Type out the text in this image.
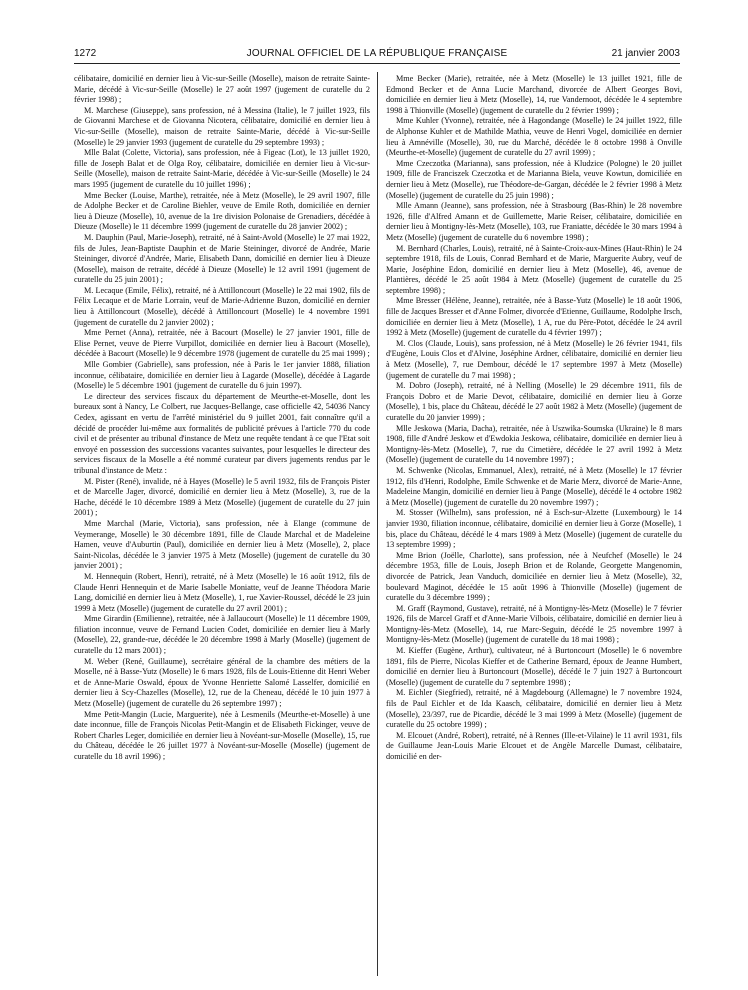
1272	JOURNAL OFFICIEL DE LA RÉPUBLIQUE FRANÇAISE	21 janvier 2003

célibataire, domicilié en dernier lieu à Vic-sur-Seille (Moselle), maison de retraite Sainte-Marie, décédé à Vic-sur-Seille (Moselle) le 27 août 1997 (jugement de curatelle du 2 février 1998) ;

M. Marchese (Giuseppe), sans profession, né à Messina (Italie), le 7 juillet 1923, fils de Giovanni Marchese et de Giovanna Nicotera, célibataire, domicilié en dernier lieu à Vic-sur-Seille (Moselle), maison de retraite Sainte-Marie, décédé à Vic-sur-Seille (Moselle) le 29 janvier 1993 (jugement de curatelle du 29 septembre 1993) ;

Mlle Balat (Colette, Victoria), sans profession, née à Figeac (Lot), le 13 juillet 1920, fille de Joseph Balat et de Olga Roy, célibataire, domiciliée en dernier lieu à Vic-sur-Seille (Moselle), maison de retraite Saint-Marie, décédée à Vic-sur-Seille (Moselle) le 24 mars 1995 (jugement de curatelle du 10 juillet 1996) ;

Mme Becker (Louise, Marthe), retraitée, née à Metz (Moselle), le 29 avril 1907, fille de Adolphe Becker et de Caroline Biehler, veuve de Emile Roth, domiciliée en dernier lieu à Dieuze (Moselle), 10, avenue de la 1re division Polonaise de Grenadiers, décédée à Dieuze (Moselle) le 11 décembre 1999 (jugement de curatelle du 28 janvier 2002) ;

M. Dauphin (Paul, Marie-Joseph), retraité, né à Saint-Avold (Moselle) le 27 mai 1922, fils de Jules, Jean-Baptiste Dauphin et de Marie Steininger, divorcé de Andrée, Marie Steininger, divorcé d'Andrée, Marie, Elisabeth Dann, domicilié en dernier lieu à Dieuze (Moselle), maison de retraite, décédé à Dieuze (Moselle) le 12 avril 1991 (jugement de curatelle du 25 juin 2001) ;

M. Lecaque (Emile, Félix), retraité, né à Attilloncourt (Moselle) le 22 mai 1902, fils de Félix Lecaque et de Marie Lorrain, veuf de Marie-Adrienne Buzon, domicilié en dernier lieu à Attilloncourt (Moselle), décédé à Attilloncourt (Moselle) le 4 novembre 1991 (jugement de curatelle du 2 janvier 2002) ;

Mme Pernet (Anna), retraitée, née à Bacourt (Moselle) le 27 janvier 1901, fille de Elise Pernet, veuve de Pierre Vurpillot, domiciliée en dernier lieu à Bacourt (Moselle), décédée à Bacourt (Moselle) le 9 décembre 1978 (jugement de curatelle du 25 mai 1999) ;

Mlle Gombier (Gabrielle), sans profession, née à Paris le 1er janvier 1888, filiation inconnue, célibataire, domiciliée en dernier lieu à Lagarde (Moselle), décédée à Lagarde (Moselle) le 5 décembre 1901 (jugement de curatelle du 6 juin 1997).

Le directeur des services fiscaux du département de Meurthe-et-Moselle, dont les bureaux sont à Nancy, Le Colbert, rue Jacques-Bellange, case officielle 42, 54036 Nancy Cedex, agissant en vertu de l'arrêté ministériel du 9 juillet 2001, fait connaître qu'il a décidé de procéder lui-même aux formalités de publicité prévues à l'article 770 du code civil et de présenter au tribunal d'instance de Metz une requête tendant à ce que l'Etat soit envoyé en possession des successions vacantes suivantes, pour lesquelles le directeur des services fiscaux de la Moselle a été nommé curateur par divers jugements rendus par le tribunal d'instance de Metz :

M. Pister (René), invalide, né à Hayes (Moselle) le 5 avril 1932, fils de François Pister et de Marcelle Jager, divorcé, domicilié en dernier lieu à Metz (Moselle), 3, rue de la Hache, décédé le 10 décembre 1989 à Metz (Moselle) (jugement de curatelle du 27 juin 2001) ;

Mme Marchal (Marie, Victoria), sans profession, née à Elange (commune de Veymerange, Moselle) le 30 décembre 1891, fille de Claude Marchal et de Madeleine Hamen, veuve d'Auburtin (Paul), domiciliée en dernier lieu à Metz (Moselle), 2, place Saint-Nicolas, décédée le 3 janvier 1975 à Metz (Moselle) (jugement de curatelle du 30 janvier 2001) ;

M. Hennequin (Robert, Henri), retraité, né à Metz (Moselle) le 16 août 1912, fils de Claude Henri Hennequin et de Marie Isabelle Moniatte, veuf de Jeanne Théodora Marie Lang, domicilié en dernier lieu à Metz (Moselle), 1, rue Xavier-Roussel, décédé le 23 juin 1999 à Metz (Moselle) (jugement de curatelle du 27 avril 2001) ;

Mme Girardin (Emilienne), retraitée, née à Jallaucourt (Moselle) le 11 décembre 1909, filiation inconnue, veuve de Fernand Lucien Codet, domiciliée en dernier lieu à Marly (Moselle), 22, grande-rue, décédée le 20 décembre 1998 à Marly (Moselle) (jugement de curatelle du 12 mars 2001) ;

M. Weber (René, Guillaume), secrétaire général de la chambre des métiers de la Moselle, né à Basse-Yutz (Moselle) le 6 mars 1928, fils de Louis-Etienne dit Henri Weber et de Anne-Marie Oswald, époux de Yvonne Henriette Salomé Lasselfer, domicilié en dernier lieu à Scy-Chazelles (Moselle), 12, rue de la Cheneau, décédé le 10 juin 1977 à Metz (Moselle) (jugement de curatelle du 26 septembre 1997) ;

Mme Petit-Mangin (Lucie, Marguerite), née à Lesmenils (Meurthe-et-Moselle) à une date inconnue, fille de François Nicolas Petit-Mangin et de Elisabeth Fickinger, veuve de Robert Charles Leger, domiciliée en dernier lieu à Novéant-sur-Moselle (Moselle), 15, rue du Château, décédée le 26 juillet 1977 à Novéant-sur-Moselle (Moselle) (jugement de curatelle du 18 avril 1996) ;

Mme Becker (Marie), retraitée, née à Metz (Moselle) le 13 juillet 1921, fille de Edmond Becker et de Anna Lucie Marchand, divorcée de Albert Georges Bovi, domiciliée en dernier lieu à Metz (Moselle), 14, rue Vandernoot, décédée le 4 septembre 1998 à Thionville (Moselle) (jugement de curatelle du 2 février 1999) ;

Mme Kuhler (Yvonne), retraitée, née à Hagondange (Moselle) le 24 juillet 1922, fille de Alphonse Kuhler et de Mathilde Mathia, veuve de Henri Vogel, domiciliée en dernier lieu à Amnéville (Moselle), 30, rue du Marché, décédée le 8 octobre 1998 à Onville (Meurthe-et-Moselle) (jugement de curatelle du 27 avril 1999) ;

Mme Czeczotka (Marianna), sans profession, née à Kludzice (Pologne) le 20 juillet 1909, fille de Franciszek Czeczotka et de Marianna Biela, veuve Kowtun, domiciliée en dernier lieu à Metz (Moselle), rue Théodore-de-Gargan, décédée le 2 février 1998 à Metz (Moselle) (jugement de curatelle du 25 juin 1998) ;

Mlle Amann (Jeanne), sans profession, née à Strasbourg (Bas-Rhin) le 28 novembre 1926, fille d'Alfred Amann et de Guillemette, Marie Reiser, célibataire, domiciliée en dernier lieu à Montigny-lès-Metz (Moselle), 103, rue Franiatte, décédée le 30 mars 1994 à Metz (Moselle) (jugement de curatelle du 6 novembre 1998) ;

M. Bernhard (Charles, Louis), retraité, né à Sainte-Croix-aux-Mines (Haut-Rhin) le 24 septembre 1918, fils de Louis, Conrad Bernhard et de Marie, Marguerite Aubry, veuf de Marie, Joséphine Edon, domicilié en dernier lieu à Metz (Moselle), 46, avenue de Plantières, décédé le 25 août 1984 à Metz (Moselle) (jugement de curatelle du 25 septembre 1998) ;

Mme Bresser (Hélène, Jeanne), retraitée, née à Basse-Yutz (Moselle) le 18 août 1906, fille de Jacques Bresser et d'Anne Folmer, divorcée d'Etienne, Guillaume, Rodolphe Irsch, domiciliée en dernier lieu à Metz (Moselle), 1 A, rue du Père-Potot, décédée le 24 avril 1992 à Metz (Moselle) (jugement de curatelle du 4 février 1997) ;

M. Clos (Claude, Louis), sans profession, né à Metz (Moselle) le 26 février 1941, fils d'Eugène, Louis Clos et d'Alvine, Joséphine Ardner, célibataire, domicilié en dernier lieu à Metz (Moselle), 7, rue Dembour, décédé le 17 septembre 1997 à Metz (Moselle) (jugement de curatelle du 7 mai 1998) ;

M. Dobro (Joseph), retraité, né à Nelling (Moselle) le 29 décembre 1911, fils de François Dobro et de Marie Devot, célibataire, domicilié en dernier lieu à Gorze (Moselle), 1 bis, place du Château, décédé le 27 août 1982 à Metz (Moselle) (jugement de curatelle du 20 janvier 1999) ;

Mlle Jeskowa (Maria, Dacha), retraitée, née à Uszwika-Soumska (Ukraine) le 8 mars 1908, fille d'André Jeskow et d'Ewdokia Jeskowa, célibataire, domiciliée en dernier lieu à Montigny-lès-Metz (Moselle), 7, rue du Cimetière, décédée le 27 avril 1992 à Metz (Moselle) (jugement de curatelle du 14 novembre 1997) ;

M. Schwenke (Nicolas, Emmanuel, Alex), retraité, né à Metz (Moselle) le 17 février 1912, fils d'Henri, Rodolphe, Emile Schwenke et de Marie Merz, divorcé de Marie-Anne, Madeleine Mangin, domicilié en dernier lieu à Pange (Moselle), décédé le 4 octobre 1982 à Metz (Moselle) (jugement de curatelle du 20 novembre 1997) ;

M. Stosser (Wilhelm), sans profession, né à Esch-sur-Alzette (Luxembourg) le 14 janvier 1930, filiation inconnue, célibataire, domicilié en dernier lieu à Gorze (Moselle), 1 bis, place du Château, décédé le 4 mars 1989 à Metz (Moselle) (jugement de curatelle du 13 septembre 1999) ;

Mme Brion (Joëlle, Charlotte), sans profession, née à Neufchef (Moselle) le 24 décembre 1953, fille de Louis, Joseph Brion et de Rolande, Georgette Mangenomin, divorcée de Patrick, Jean Vanduch, domiciliée en dernier lieu à Metz (Moselle), 32, boulevard Maginot, décédée le 15 août 1996 à Thionville (Moselle) (jugement de curatelle du 3 décembre 1999) ;

M. Graff (Raymond, Gustave), retraité, né à Montigny-lès-Metz (Moselle) le 7 février 1926, fils de Marcel Graff et d'Anne-Marie Vilbois, célibataire, domicilié en dernier lieu à Montigny-lès-Metz (Moselle), 14, rue Marc-Seguin, décédé le 25 novembre 1997 à Montigny-lès-Metz (Moselle) (jugement de curatelle du 18 mai 1998) ;

M. Kieffer (Eugène, Arthur), cultivateur, né à Burtoncourt (Moselle) le 6 novembre 1891, fils de Pierre, Nicolas Kieffer et de Catherine Bernard, époux de Jeanne Humbert, domicilié en dernier lieu à Burtoncourt (Moselle), décédé le 7 juin 1927 à Burtoncourt (Moselle) (jugement de curatelle du 7 septembre 1998) ;

M. Eichler (Siegfried), retraité, né à Magdebourg (Allemagne) le 7 novembre 1924, fils de Paul Eichler et de Ida Kaasch, célibataire, domicilié en dernier lieu à Metz (Moselle), 23/397, rue de Picardie, décédé le 3 mai 1999 à Metz (Moselle) (jugement de curatelle du 25 octobre 1999) ;

M. Elcouet (André, Robert), retraité, né à Rennes (Ille-et-Vilaine) le 11 avril 1931, fils de Guillaume Jean-Louis Marie Elcouet et de Angèle Marcelle Dumast, célibataire, domicilié en der-
